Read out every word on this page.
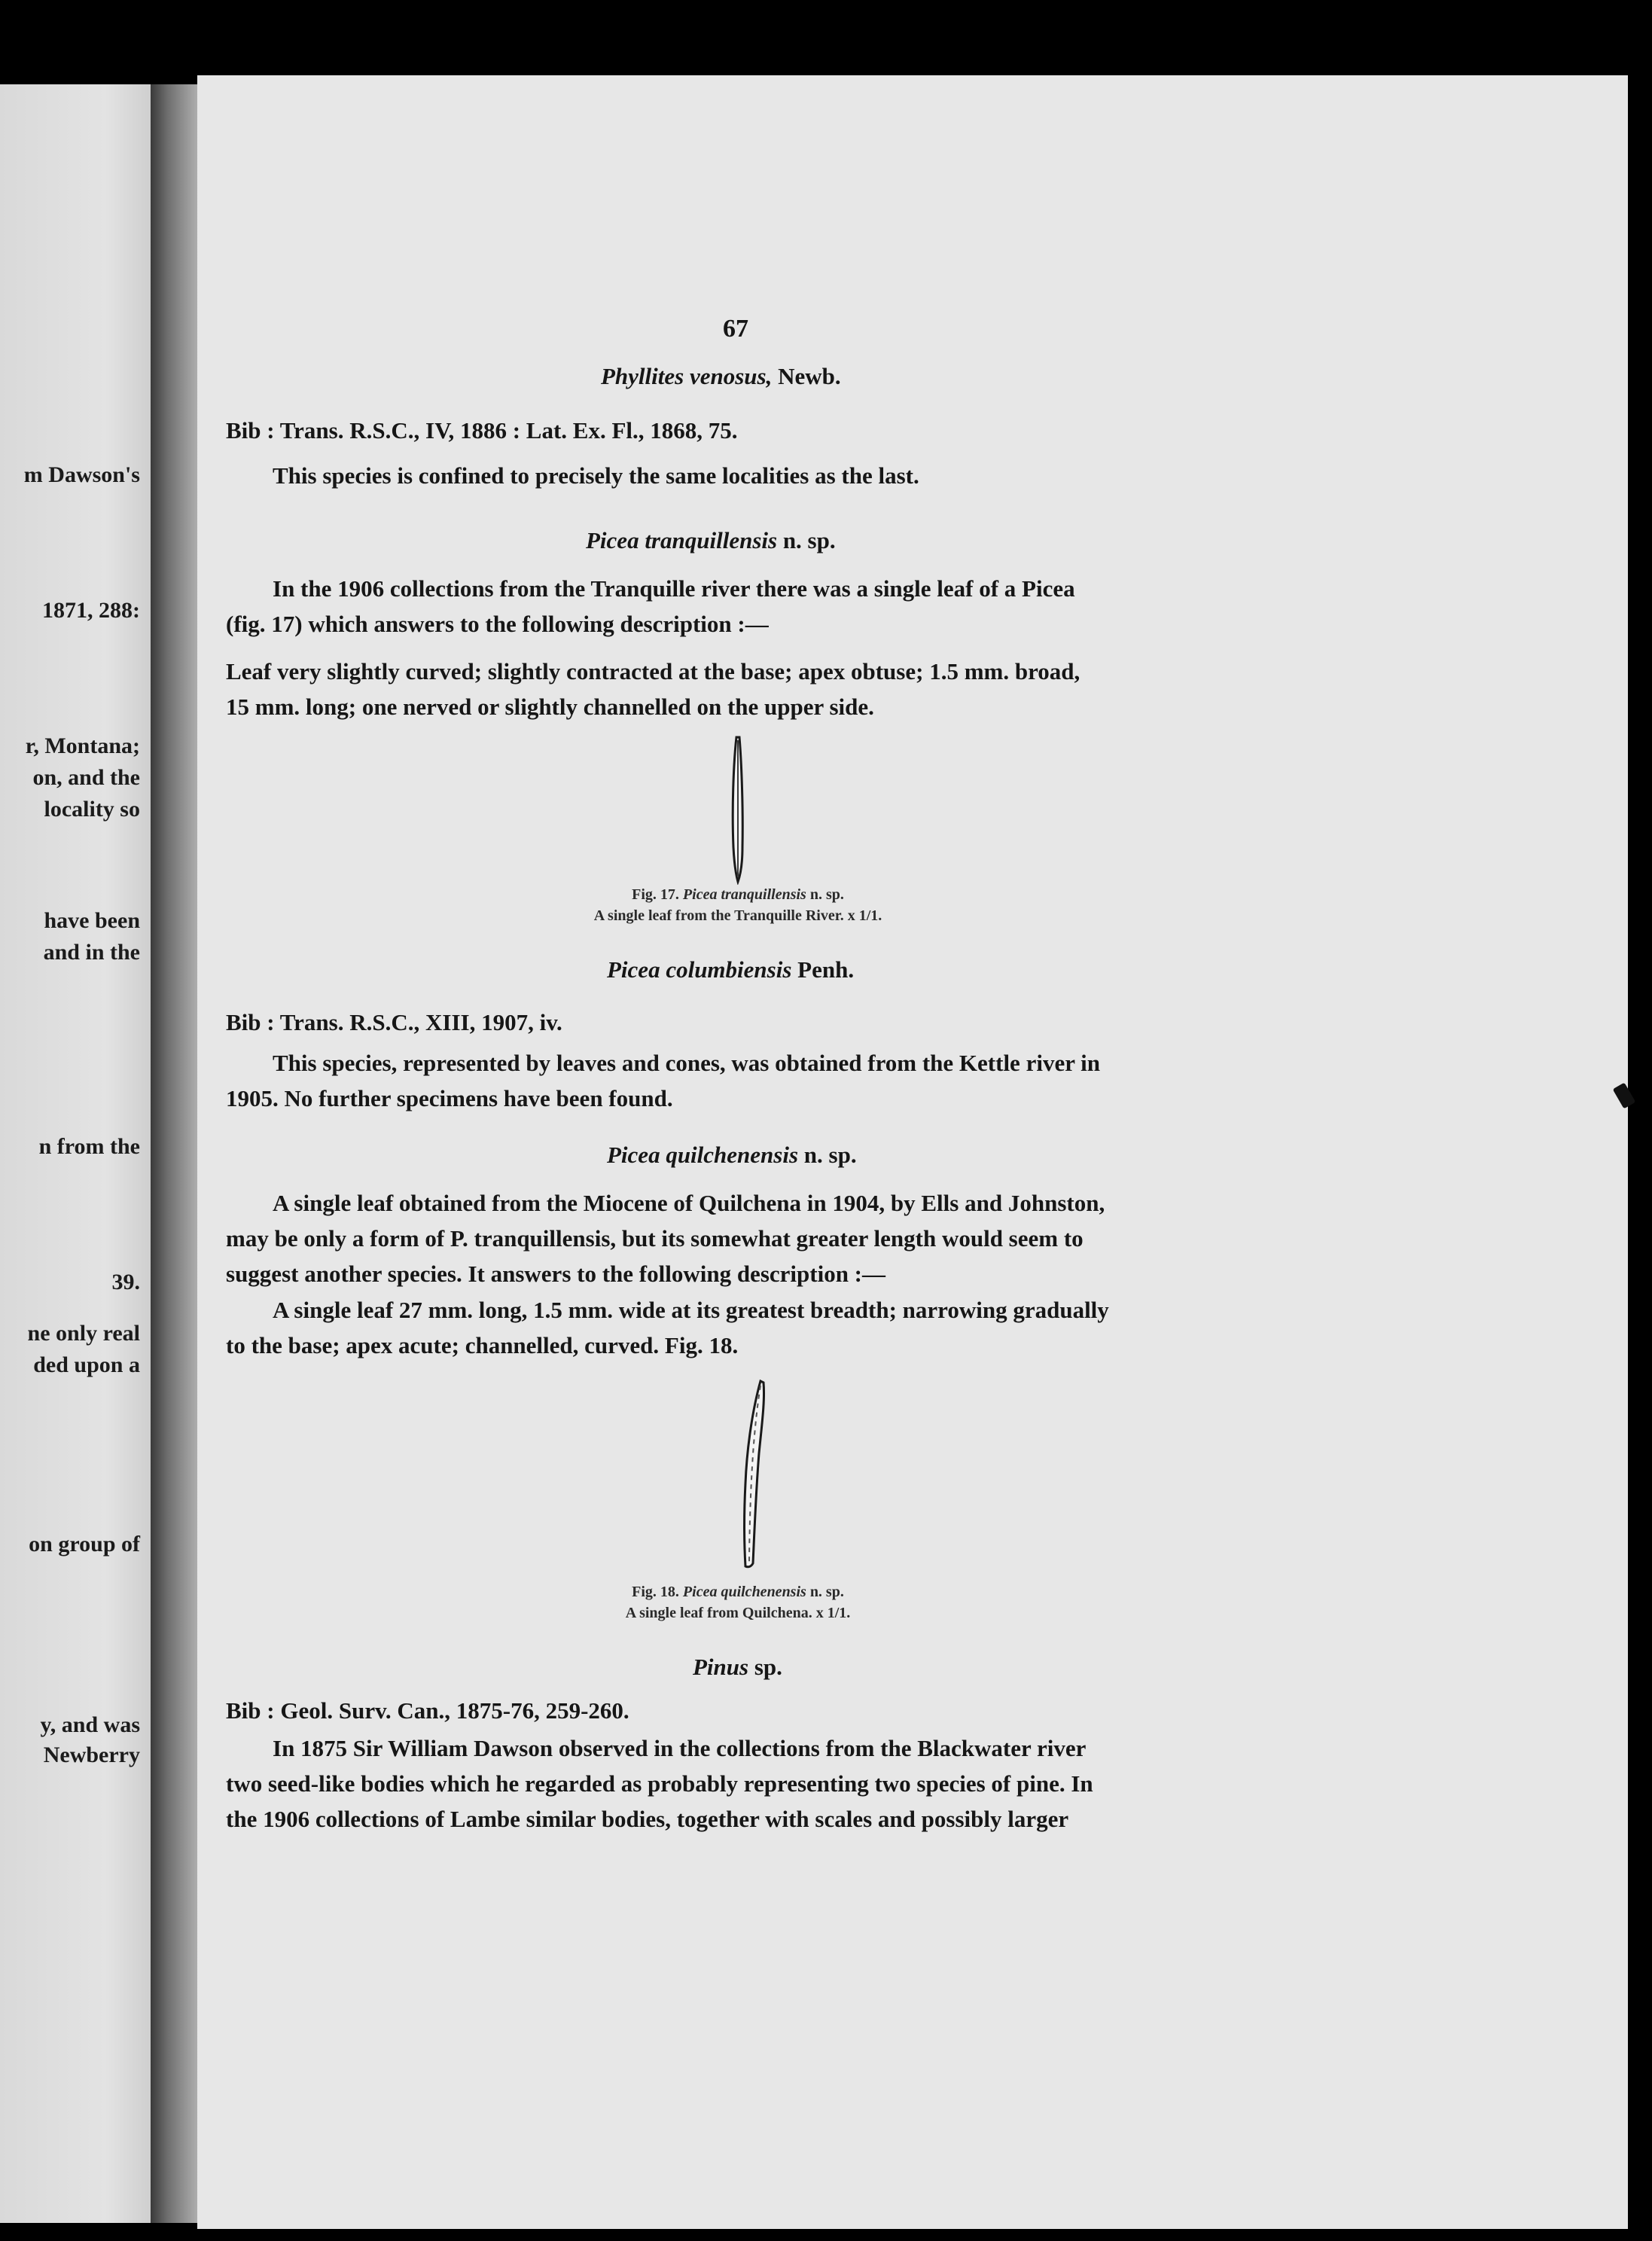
m Dawson's
1871, 288:
r, Montana;
on, and the
locality so
have been
and in the
n from the
39.
ne only real
ded upon a
on group of
y, and was
Newberry
67
Phyllites venosus, Newb.
Bib : Trans. R.S.C., IV, 1886 : Lat. Ex. Fl., 1868, 75.
This species is confined to precisely the same localities as the last.
Picea tranquillensis n. sp.
In the 1906 collections from the Tranquille river there was a single leaf of a Picea
(fig. 17) which answers to the following description :—
Leaf very slightly curved; slightly contracted at the base; apex obtuse; 1.5 mm. broad,
15 mm. long; one nerved or slightly channelled on the upper side.
Fig. 17. Picea tranquillensis n. sp.
A single leaf from the Tranquille River. x 1/1.
Picea columbiensis Penh.
Bib : Trans. R.S.C., XIII, 1907, iv.
This species, represented by leaves and cones, was obtained from the Kettle river in
1905. No further specimens have been found.
Picea quilchenensis n. sp.
A single leaf obtained from the Miocene of Quilchena in 1904, by Ells and Johnston,
may be only a form of P. tranquillensis, but its somewhat greater length would seem to
suggest another species. It answers to the following description :—
A single leaf 27 mm. long, 1.5 mm. wide at its greatest breadth; narrowing gradually
to the base; apex acute; channelled, curved. Fig. 18.
Fig. 18. Picea quilchenensis n. sp.
A single leaf from Quilchena. x 1/1.
Pinus sp.
Bib : Geol. Surv. Can., 1875-76, 259-260.
In 1875 Sir William Dawson observed in the collections from the Blackwater river
two seed-like bodies which he regarded as probably representing two species of pine. In
the 1906 collections of Lambe similar bodies, together with scales and possibly larger
